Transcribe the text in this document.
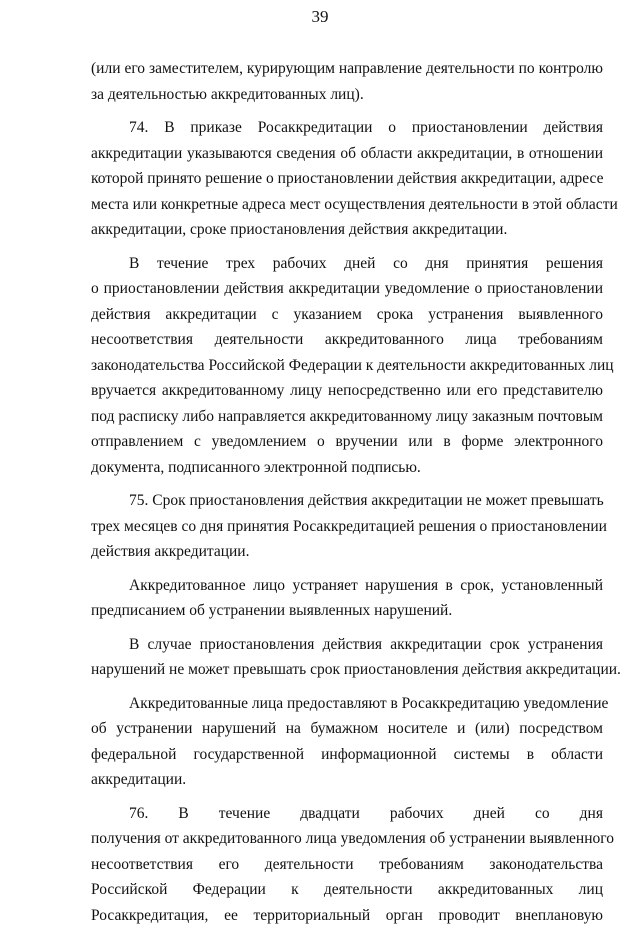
39
(или его заместителем, курирующим направление деятельности по контролю
за деятельностью аккредитованных лиц).
74. В приказе Росаккредитации о приостановлении действия
аккредитации указываются сведения об области аккредитации, в отношении
которой принято решение о приостановлении действия аккредитации, адресе
места или конкретные адреса мест осуществления деятельности в этой области
аккредитации, сроке приостановления действия аккредитации.
В течение трех рабочих дней со дня принятия решения
о приостановлении действия аккредитации уведомление о приостановлении
действия аккредитации с указанием срока устранения выявленного
несоответствия деятельности аккредитованного лица требованиям
законодательства Российской Федерации к деятельности аккредитованных лиц
вручается аккредитованному лицу непосредственно или его представителю
под расписку либо направляется аккредитованному лицу заказным почтовым
отправлением с уведомлением о вручении или в форме электронного
документа, подписанного электронной подписью.
75. Срок приостановления действия аккредитации не может превышать
трех месяцев со дня принятия Росаккредитацией решения о приостановлении
действия аккредитации.
Аккредитованное лицо устраняет нарушения в срок, установленный
предписанием об устранении выявленных нарушений.
В случае приостановления действия аккредитации срок устранения
нарушений не может превышать срок приостановления действия аккредитации.
Аккредитованные лица предоставляют в Росаккредитацию уведомление
об устранении нарушений на бумажном носителе и (или) посредством
федеральной государственной информационной системы в области
аккредитации.
76. В течение двадцати рабочих дней со дня
получения от аккредитованного лица уведомления об устранении выявленного
несоответствия его деятельности требованиям законодательства
Российской Федерации к деятельности аккредитованных лиц
Росаккредитация, ее территориальный орган проводит внеплановую
